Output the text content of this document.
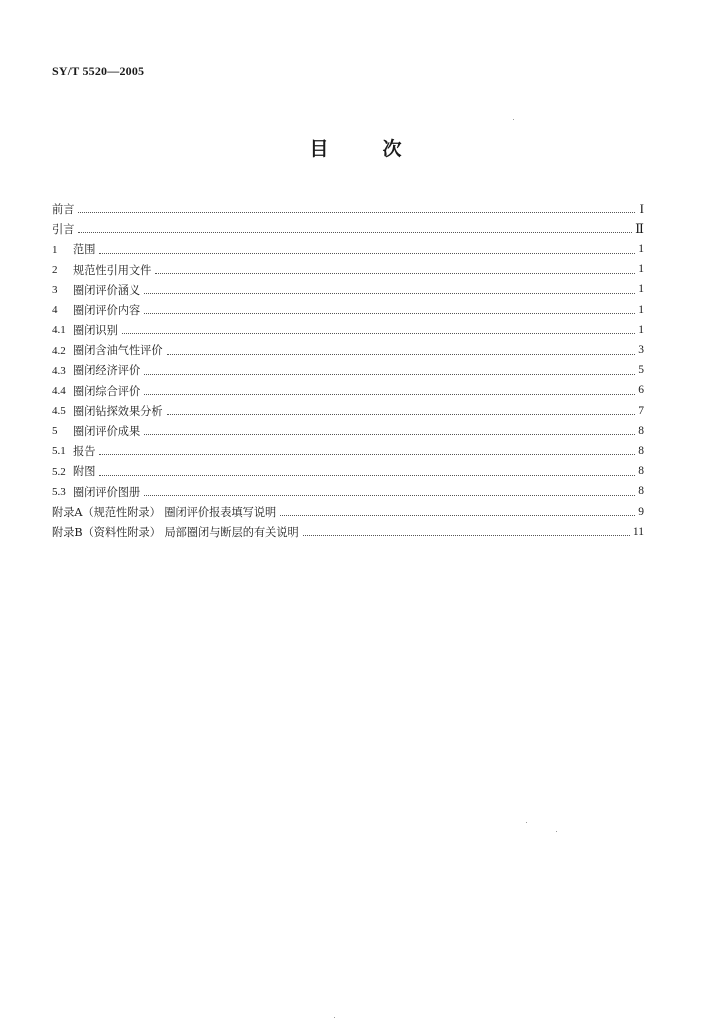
SY/T 5520—2005
目次
前言	I
引言	Ⅱ
1	范围	1
2	规范性引用文件	1
3	圈闭评价涵义	1
4	圈闭评价内容	1
4.1 圈闭识别	1
4.2 圈闭含油气性评价	3
4.3 圈闭经济评价	5
4.4 圈闭综合评价	6
4.5 圈闭钻探效果分析	7
5	圈闭评价成果	8
5.1 报告	8
5.2 附图	8
5.3 圈闭评价图册	8
附录A（规范性附录） 圈闭评价报表填写说明	9
附录B（资料性附录） 局部圈闭与断层的有关说明	11
